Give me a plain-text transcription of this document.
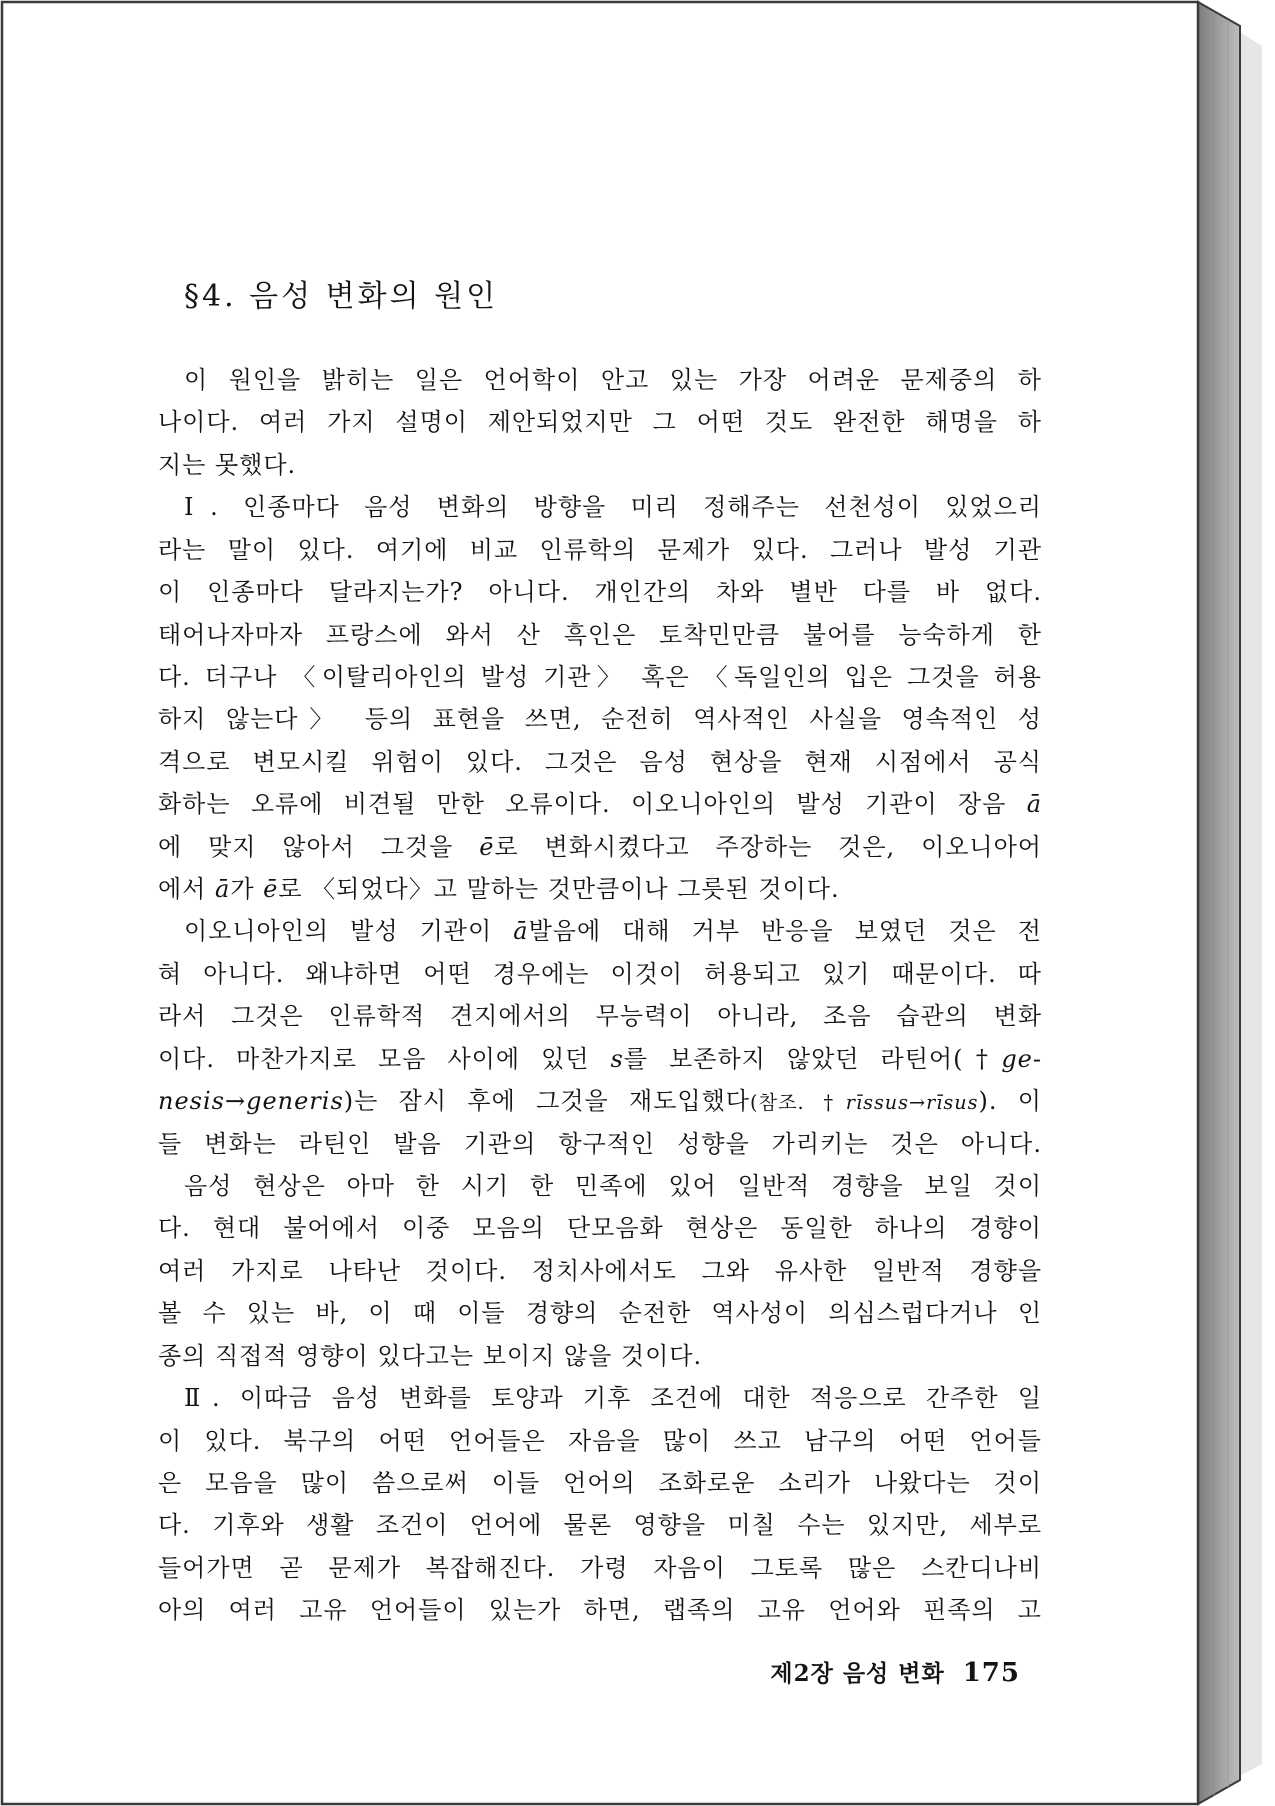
§4. 음성 변화의 원인
이 원인을 밝히는 일은 언어학이 안고 있는 가장 어려운 문제중의 하
나이다. 여러 가지 설명이 제안되었지만 그 어떤 것도 완전한 해명을 하
지는 못했다.
Ⅰ. 인종마다 음성 변화의 방향을 미리 정해주는 선천성이 있었으리
라는 말이 있다. 여기에 비교 인류학의 문제가 있다. 그러나 발성 기관
이 인종마다 달라지는가? 아니다. 개인간의 차와 별반 다를 바 없다.
태어나자마자 프랑스에 와서 산 흑인은 토착민만큼 불어를 능숙하게 한
다. 더구나 〈이탈리아인의 발성 기관〉 혹은 〈독일인의 입은 그것을 허용
하지 않는다〉 등의 표현을 쓰면, 순전히 역사적인 사실을 영속적인 성
격으로 변모시킬 위험이 있다. 그것은 음성 현상을 현재 시점에서 공식
화하는 오류에 비견될 만한 오류이다. 이오니아인의 발성 기관이 장음 ā
에 맞지 않아서 그것을 ē로 변화시켰다고 주장하는 것은, 이오니아어
에서 ā가 ē로 〈되었다〉고 말하는 것만큼이나 그릇된 것이다.
이오니아인의 발성 기관이 ā발음에 대해 거부 반응을 보였던 것은 전
혀 아니다. 왜냐하면 어떤 경우에는 이것이 허용되고 있기 때문이다. 따
라서 그것은 인류학적 견지에서의 무능력이 아니라, 조음 습관의 변화
이다. 마찬가지로 모음 사이에 있던 s를 보존하지 않았던 라틴어(†ge-
nesis→generis)는 잠시 후에 그것을 재도입했다(참조. †rīssus→rīsus). 이
들 변화는 라틴인 발음 기관의 항구적인 성향을 가리키는 것은 아니다.
음성 현상은 아마 한 시기 한 민족에 있어 일반적 경향을 보일 것이
다. 현대 불어에서 이중 모음의 단모음화 현상은 동일한 하나의 경향이
여러 가지로 나타난 것이다. 정치사에서도 그와 유사한 일반적 경향을
볼 수 있는 바, 이 때 이들 경향의 순전한 역사성이 의심스럽다거나 인
종의 직접적 영향이 있다고는 보이지 않을 것이다.
Ⅱ. 이따금 음성 변화를 토양과 기후 조건에 대한 적응으로 간주한 일
이 있다. 북구의 어떤 언어들은 자음을 많이 쓰고 남구의 어떤 언어들
은 모음을 많이 씀으로써 이들 언어의 조화로운 소리가 나왔다는 것이
다. 기후와 생활 조건이 언어에 물론 영향을 미칠 수는 있지만, 세부로
들어가면 곧 문제가 복잡해진다. 가령 자음이 그토록 많은 스칸디나비
아의 여러 고유 언어들이 있는가 하면, 랩족의 고유 언어와 핀족의 고
제2장 음성 변화 175
